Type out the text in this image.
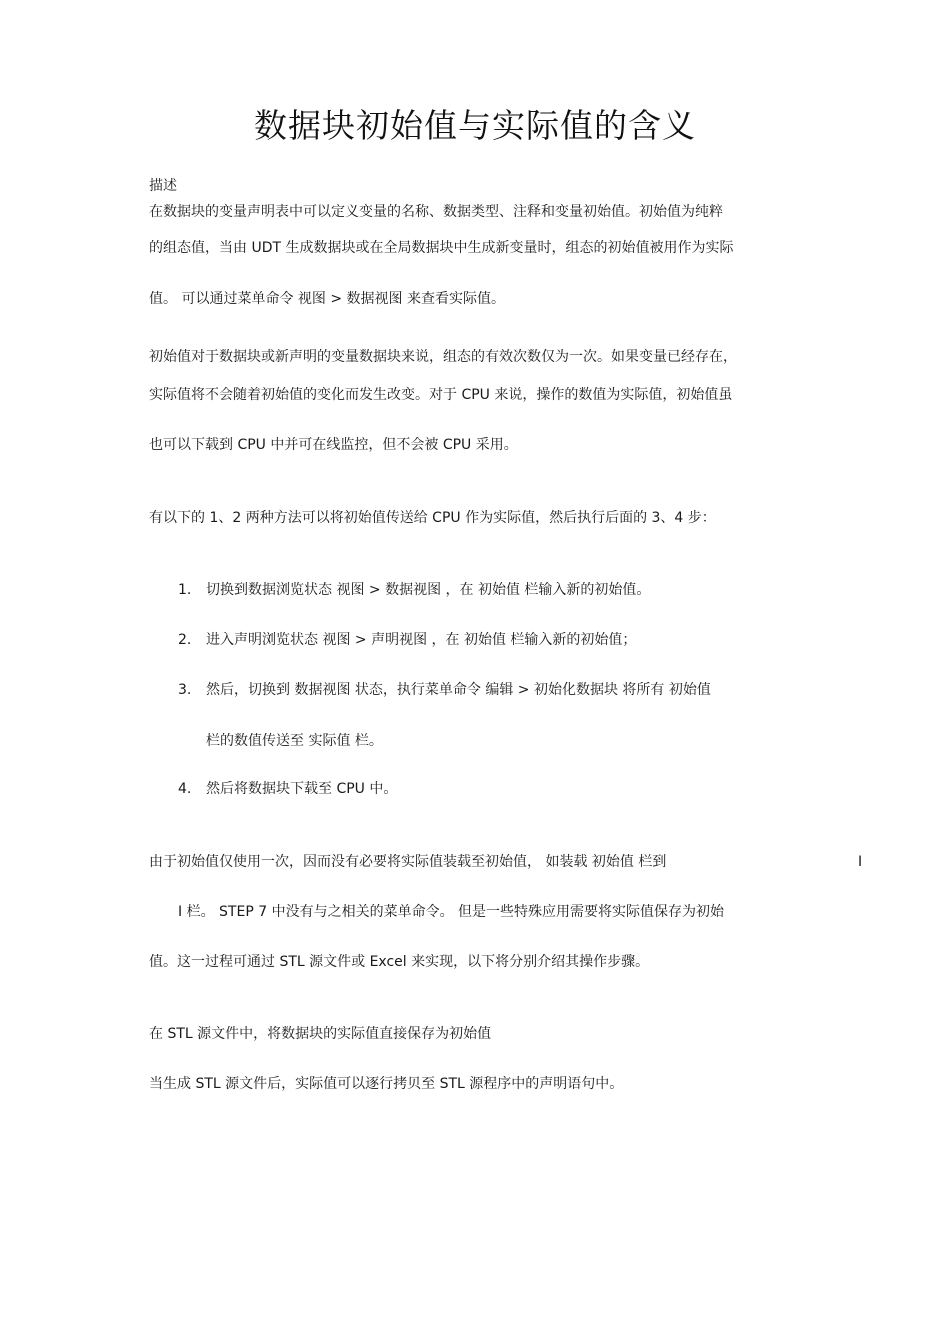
数据块初始值与实际值的含义
描述
在数据块的变量声明表中可以定义变量的名称、数据类型、注释和变量初始值。初始值为纯粹
的组态值，当由 UDT 生成数据块或在全局数据块中生成新变量时，组态的初始值被用作为实际
值。 可以通过菜单命令 视图 > 数据视图 来查看实际值。
初始值对于数据块或新声明的变量数据块来说，组态的有效次数仅为一次。如果变量已经存在，
实际值将不会随着初始值的变化而发生改变。对于 CPU 来说，操作的数值为实际值，初始值虽
也可以下载到 CPU 中并可在线监控，但不会被 CPU 采用。
有以下的 1、2 两种方法可以将初始值传送给 CPU 作为实际值，然后执行后面的 3、4 步：
1. 切换到数据浏览状态 视图 > 数据视图 ，在 初始值 栏输入新的初始值。
2. 进入声明浏览状态 视图 > 声明视图 ，在 初始值 栏输入新的初始值；
3. 然后，切换到 数据视图 状态，执行菜单命令 编辑 > 初始化数据块 将所有 初始值
栏的数值传送至 实际值 栏。
4. 然后将数据块下载至 CPU 中。
由于初始值仅使用一次，因而没有必要将实际值装载至初始值， 如装载 初始值 栏到	I
I 栏。 STEP 7 中没有与之相关的菜单命令。 但是一些特殊应用需要将实际值保存为初始
值。这一过程可通过 STL 源文件或 Excel 来实现，以下将分别介绍其操作步骤。
在 STL 源文件中，将数据块的实际值直接保存为初始值
当生成 STL 源文件后，实际值可以逐行拷贝至 STL 源程序中的声明语句中。
